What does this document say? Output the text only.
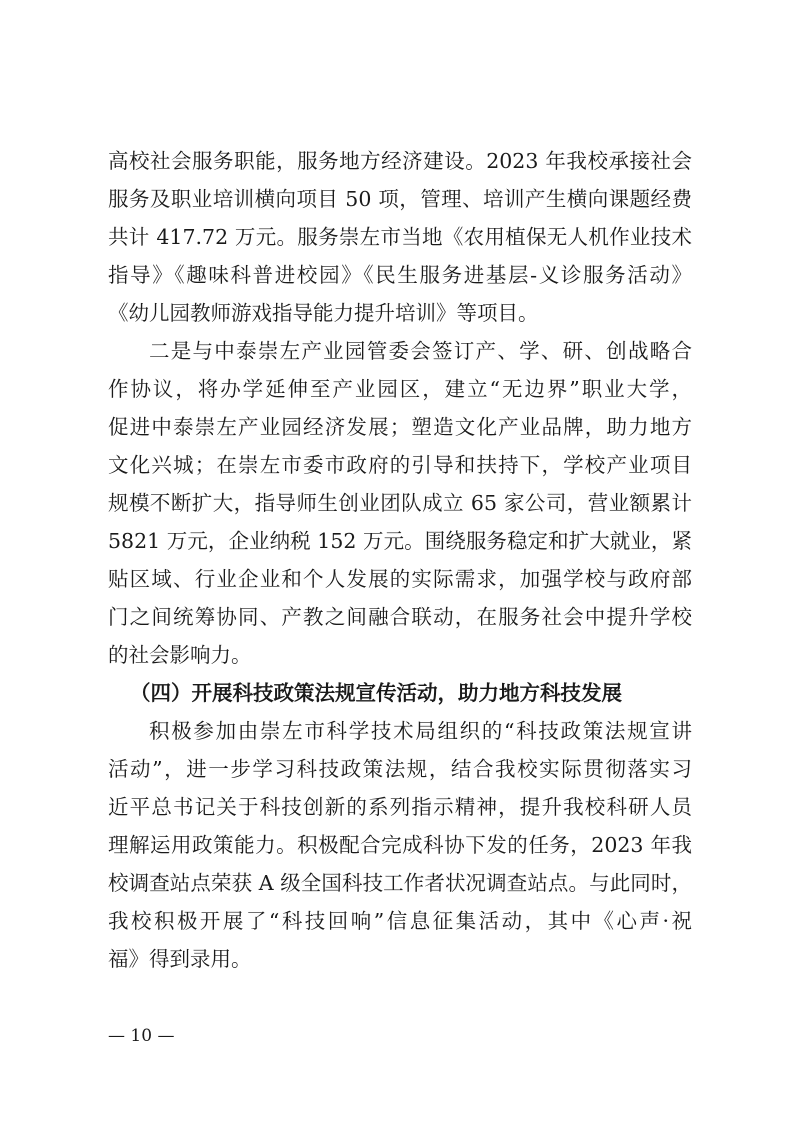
高校社会服务职能，服务地方经济建设。2023 年我校承接社会
服务及职业培训横向项目 50 项，管理、培训产生横向课题经费
共计 417.72 万元。服务崇左市当地《农用植保无人机作业技术
指导》《趣味科普进校园》《民生服务进基层-义诊服务活动》
《幼儿园教师游戏指导能力提升培训》等项目。
二是与中泰崇左产业园管委会签订产、学、研、创战略合
作协议，将办学延伸至产业园区，建立“无边界”职业大学，
促进中泰崇左产业园经济发展；塑造文化产业品牌，助力地方
文化兴城；在崇左市委市政府的引导和扶持下，学校产业项目
规模不断扩大，指导师生创业团队成立 65 家公司，营业额累计
5821 万元，企业纳税 152 万元。围绕服务稳定和扩大就业，紧
贴区域、行业企业和个人发展的实际需求，加强学校与政府部
门之间统筹协同、产教之间融合联动，在服务社会中提升学校
的社会影响力。
（四）开展科技政策法规宣传活动，助力地方科技发展
积极参加由崇左市科学技术局组织的“科技政策法规宣讲
活动”，进一步学习科技政策法规，结合我校实际贯彻落实习
近平总书记关于科技创新的系列指示精神，提升我校科研人员
理解运用政策能力。积极配合完成科协下发的任务，2023 年我
校调查站点荣获 A 级全国科技工作者状况调查站点。与此同时，
我校积极开展了“科技回响”信息征集活动，其中《心声·祝
福》得到录用。
— 10 —
